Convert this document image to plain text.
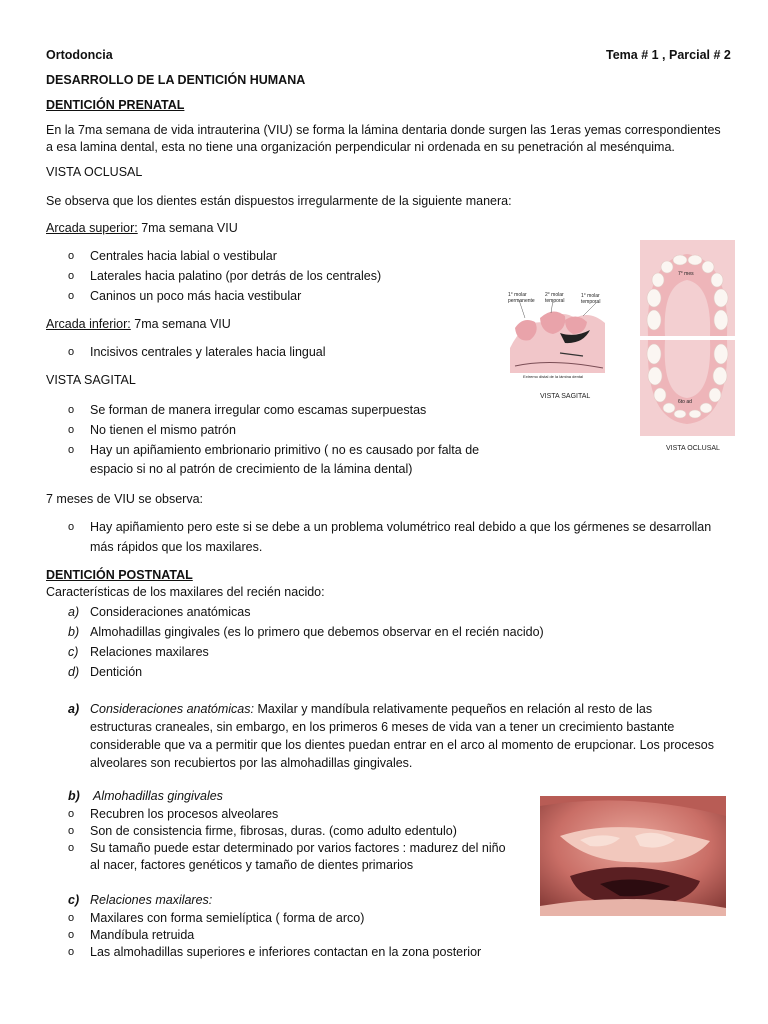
Ortodoncia	Tema # 1 , Parcial # 2
DESARROLLO DE LA DENTICIÓN HUMANA
DENTICIÓN PRENATAL
En la 7ma semana de vida intrauterina (VIU) se forma la lámina dentaria donde surgen las 1eras yemas correspondientes
a esa lamina dental, esta no tiene una organización perpendicular ni ordenada en su penetración al mesénquima.
VISTA OCLUSAL
Se observa que los dientes están dispuestos irregularmente de la siguiente manera:
Arcada superior: 7ma semana VIU
o Centrales hacia labial o vestibular
o Laterales hacia palatino (por detrás de los centrales)
o Caninos un poco más hacia vestibular
Arcada inferior: 7ma semana VIU
o Incisivos centrales y laterales hacia lingual
VISTA SAGITAL
o Se forman de manera irregular como escamas superpuestas
o No tienen el mismo patrón
o Hay un apiñamiento embrionario primitivo ( no es causado por falta de
espacio si no al patrón de crecimiento de la lámina dental)
7 meses de VIU se observa:
o Hay apiñamiento pero este si se debe a un problema volumétrico real debido a que los gérmenes se desarrollan
más rápidos que los maxilares.
DENTICIÓN POSTNATAL
Características de los maxilares del recién nacido:
a) Consideraciones anatómicas
b) Almohadillas gingivales (es lo primero que debemos observar en el recién nacido)
c) Relaciones maxilares
d) Dentición
a) Consideraciones anatómicas: Maxilar y mandíbula relativamente pequeños en relación al resto de las
estructuras craneales, sin embargo, en los primeros 6 meses de vida van a tener un crecimiento bastante
considerable que va a permitir que los dientes puedan entrar en el arco al momento de erupcionar. Los procesos
alveolares son recubiertos por las almohadillas gingivales.
b) Almohadillas gingivales
o Recubren los procesos alveolares
o Son de consistencia firme, fibrosas, duras. (como adulto edentulo)
o Su tamaño puede estar determinado por varios factores : madurez del niño
al nacer, factores genéticos y tamaño de dientes primarios
c) Relaciones maxilares:
o Maxilares con forma semielíptica ( forma de arco)
o Mandíbula retruida
o Las almohadillas superiores e inferiores contactan en la zona posterior
1° molar permanente
2° molar temporal
1° molar temporal
Extremo distal de la lámina dental
VISTA SAGITAL
7° mes
6to ad
VISTA OCLUSAL
